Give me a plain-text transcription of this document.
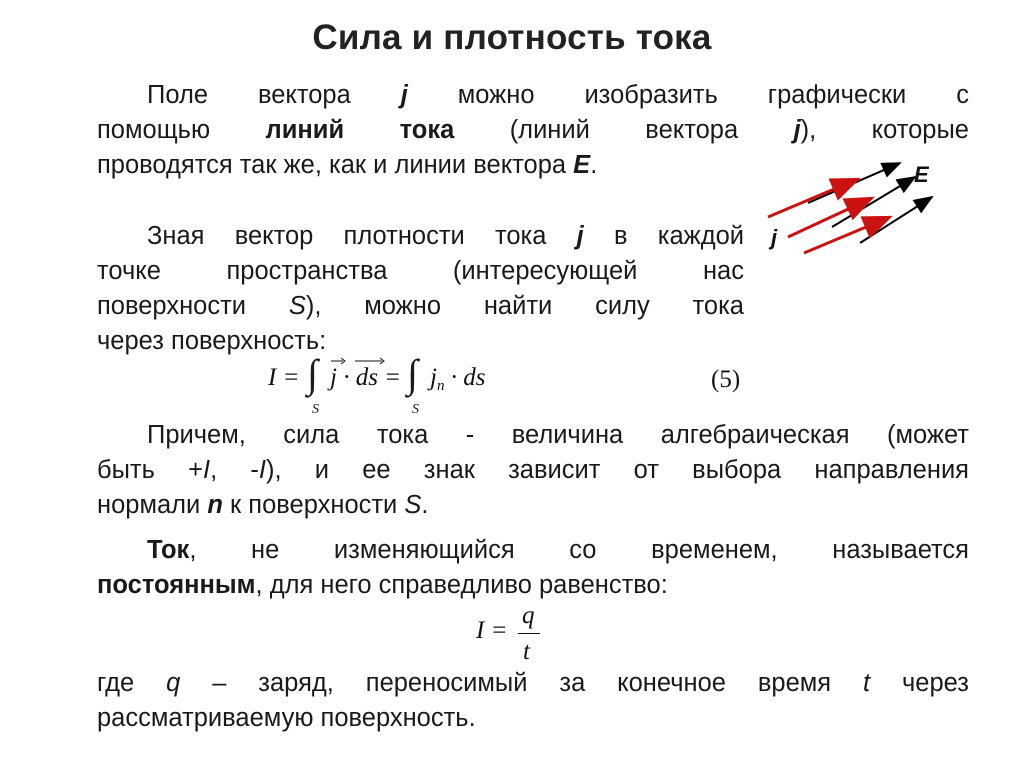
Сила и плотность тока
Поле вектора j можно изобразить графически с
помощью линий тока (линий вектора j), которые
проводятся так же, как и линии вектора E.	E
j
Зная вектор плотности тока j в каждой
точке пространства (интересующей нас
поверхности S), можно найти силу тока
через поверхность:
I = ∫
S
j · ds = ∫
S
$j_n$ · ds	(5)
Причем, сила тока - величина алгебраическая (может
быть +I, -I), и ее знак зависит от выбора направления
нормали n к поверхности S.
Ток, не изменяющийся со временем, называется
постоянным, для него справедливо равенство:
I =
q
t
где q – заряд, переносимый за конечное время t через
рассматриваемую поверхность.
